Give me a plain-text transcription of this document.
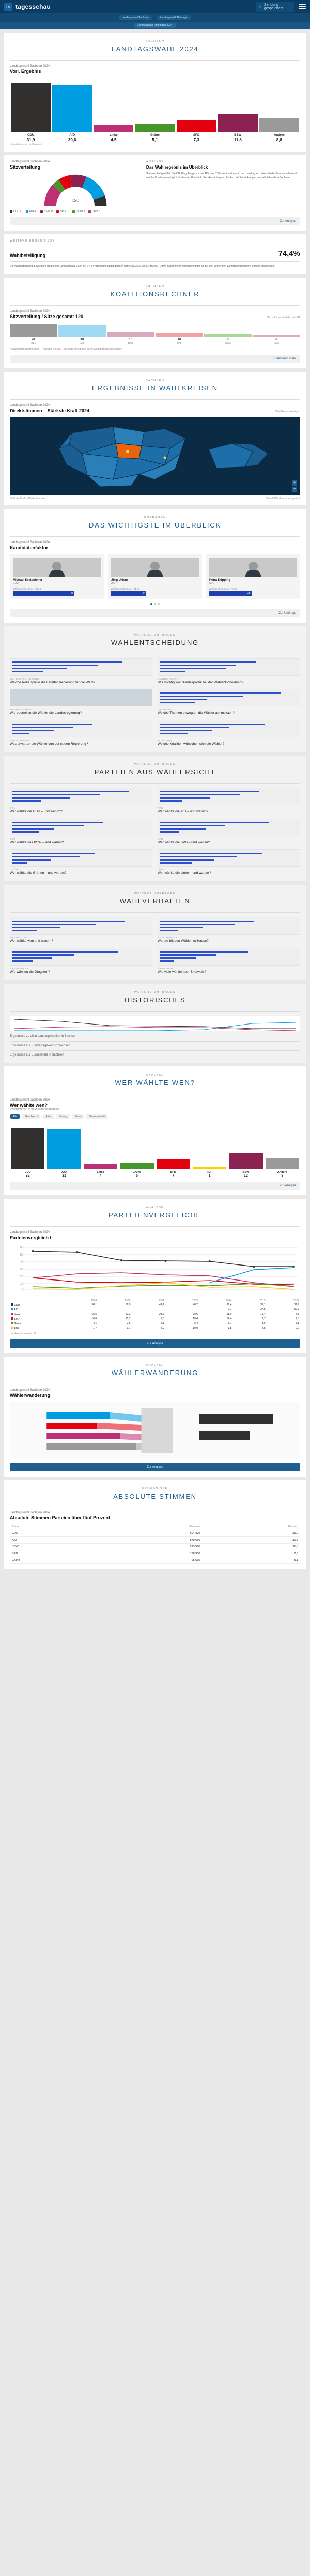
ts tagesschau	Sendung gespeichert
Landtagswahl Sachsen	Landtagswahl Thüringen
Landtagswahl Thüringen 2024
SACHSEN
LANDTAGSWAHL 2024
Landtagswahl Sachsen 2024
Vorl. Ergebnis
CDU
31,9
AfD
30,6
Linke
4,5
Grüne
5,1
SPD
7,3
BSW
11,8
Andere
8,8
Zweitstimmen in Prozent
Landtagswahl Sachsen 2024
Sitzverteilung
120
CDU 41	AfD 40	BSW 15	SPD 10	Grüne 7	Linke 6
ANALYSE
Das Wahlergebnis im Überblick
Sachsen hat gewählt: Die CDU liegt knapp vor der AfD, das BSW zieht erstmals in den Landtag ein. Wie sich die Sitze verteilen und welche Koalitionen möglich sind — ein Überblick über die wichtigsten Zahlen und Entwicklungen des Wahlabends in Sachsen.
Zur Analyse
WEITERE ERGEBNISSE
Wahlbeteiligung	74,4%
Die Wahlbeteiligung in Sachsen lag bei der Landtagswahl 2024 bei 74,4 Prozent und damit deutlich höher als 2019 (66,5 Prozent). Damit haben mehr Wahlberechtigte als bei den vorherigen Landtagswahlen ihre Stimme abgegeben.
SACHSEN
KOALITIONSRECHNER
Landtagswahl Sachsen 2024
Sitzverteilung / Sitze gesamt: 120	Sitze für eine Mehrheit: 61
41	40	15	10	7	6
CDU	AfD	BSW	SPD	Grüne	Linke
Koalitionsmöglichkeiten – Klicken Sie auf Parteien, um diese einer Koalition hinzuzufügen
Koalitionen mehr
SACHSEN
ERGEBNISSE IN WAHLKREISEN
Landtagswahl Sachsen 2024
Direktstimmen – Stärkste Kraft 2024	Wahlkreis anzeigen
+
−
Stärkste Kraft – Direktstimmen	Stand: Wahlkreise ausgezählt
UMFRAGEN
DAS WICHTIGSTE IM ÜBERBLICK
Landtagswahl Sachsen 2024
Kandidatenfaktor
Michael Kretschmer
CDU
Zufriedenheit mit der Arbeit
48
Jörg Urban
AfD
Zufriedenheit mit der Arbeit
24
Petra Köpping
SPD
Zufriedenheit mit der Arbeit
28
Zur Umfrage
WEITERE UMFRAGEN
WAHLENTSCHEIDUNG
WAHLENTSCHEIDUNG
Welche Rolle spielte die Landtagsregierung für die Wahl?
BUNDESPOLITIK
Wie wichtig war Bundespolitik bei der Wahlentscheidung?
ZUFRIEDENHEIT
Wie beurteilen die Wähler die Landesregierung?
PROBLEME
Welche Themen bewegten die Wähler am meisten?
ERWARTUNGEN
Was erwarten die Wähler von der neuen Regierung?
KOALITION
Welche Koalition wünschen sich die Wähler?
WEITERE UMFRAGEN
PARTEIEN AUS WÄHLERSICHT
CDU
Wer wählte die CDU – und warum?
AFD
Wer wählte die AfD – und warum?
BSW
Wer wählte das BSW – und warum?
SPD
Wer wählte die SPD – und warum?
GRÜNE
Wer wählte die Grünen – und warum?
LINKE
Wer wählte die Linke – und warum?
WEITERE UMFRAGEN
WAHLVERHALTEN
WANDERUNG
Wer wählte wen und warum?
NICHTWÄHLER
Warum blieben Wähler zu Hause?
ERSTWÄHLER
Wie wählten die Jüngsten?
BRIEFWAHL
Wie viele wählten per Briefwahl?
WEITERE UMFRAGEN
HISTORISCHES
Ergebnisse zu allen Landtagswahlen in Sachsen
Ergebnisse zur Bundestagswahl in Sachsen
Ergebnisse zur Europawahl in Sachsen
ANALYSE
WER WÄHLTE WEN?
Landtagswahl Sachsen 2024
Wer wählte wen?
Zweitstimmen in Bevölkerungsgruppen
Alle	Geschlecht	Alter	Bildung	Beruf	Gewerkschaft
CDU
32
AfD
31
Linke
4
Grüne
5
SPD
7
FDP
1
BSW
12
Andere
8
Zur Analyse
ANALYSE
PARTEIENVERGLEICHE
Landtagswahl Sachsen 2024
Parteienvergleich I
60
50
40
30
20
10
0
	1994	1999	2004	2009	2014	2019	2024
CDU	58,1	56,9	41,1	40,2	39,4	32,1	31,9
AfD	-	-	-	-	9,7	27,5	30,6
Linke	16,5	22,2	23,6	20,6	18,9	10,4	4,5
SPD	16,6	10,7	9,8	10,4	12,4	7,7	7,3
Grüne	4,1	2,6	5,1	6,4	5,7	8,6	5,1
FDP	1,7	1,1	5,9	10,0	3,8	4,5	0,9
Landesstimmen in %
Zur Analyse
ANALYSE
WÄHLERWANDERUNG
Landtagswahl Sachsen 2024
Wählerwanderung
Zur Analyse
ERGEBNISSE
ABSOLUTE STIMMEN
Landtagswahl Sachsen 2024
Absolute Stimmen Parteien über fünf Prozent
Partei	Stimmen	Prozent
CDU	604.320	31,9
AfD	579.660	30,6
BSW	223.560	11,8
SPD	138.300	7,3
Grüne	96.630	5,1
